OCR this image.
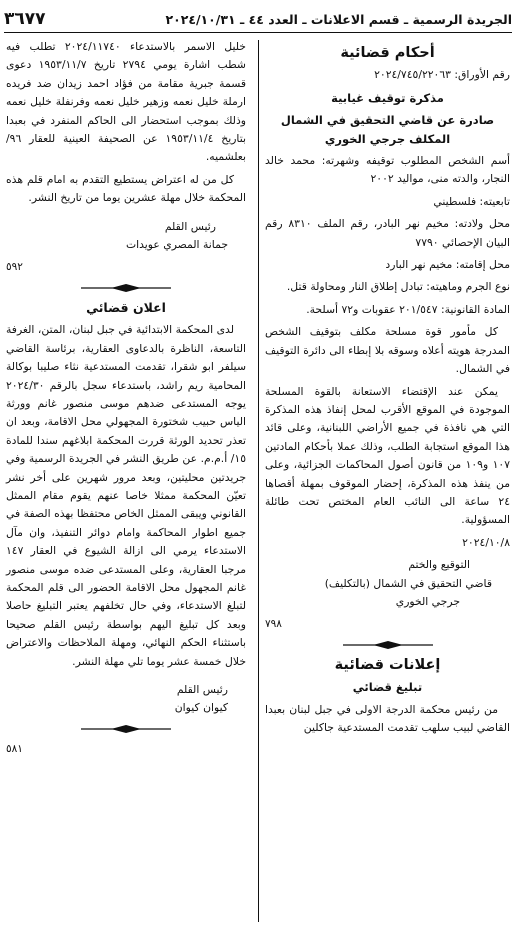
الجريدة الرسمية ـ قسم الاعلانات ـ العدد ٤٤ ـ ٢٠٢٤/١٠/٣١
٣٦٧٧
أحكام قضائية

رقم الأوراق: ٢٠٢٤/٧٤٥/٢٢٠٦٣

مذكرة توقيف غيابية
صادرة عن قاضي التحقيق في الشمال المكلف جرجي الخوري

أسم الشخص المطلوب توقيفه وشهرته: محمد خالد النجار، والدته منى، مواليد ٢٠٠٢

تابعيته: فلسطيني

محل ولادته: مخيم نهر البادر، رقم الملف ٨٣١٠ رقم البيان الإحصائي ٧٧٩٠

محل إقامته: مخيم نهر البارد

نوع الجرم وماهيته: تبادل إطلاق النار ومحاولة قتل.

المادة القانونية: ٢٠١/٥٤٧ عقوبات و٧٢ أسلحة.

كل مأمور قوة مسلحة مكلف بتوقيف الشخص المدرجة هويته أعلاه وسوقه بلا إبطاء الى دائرة التوقيف في الشمال.

يمكن عند الإقتضاء الاستعانة بالقوة المسلحة الموجودة في الموقع الأقرب لمحل إنفاذ هذه المذكرة التي هي نافذة في جميع الأراضي اللبنانية، وعلى قائد هذا الموقع استجابة الطلب، وذلك عملا بأحكام المادتين ١٠٧ و١٠٩ من قانون أصول المحاكمات الجزائية، وعلى من ينفذ هذه المذكرة، إحضار الموقوف بمهلة أقصاها ٢٤ ساعة الى النائب العام المختص تحت طائلة المسؤولية.

٢٠٢٤/١٠/٨

التوقيع والختم

قاضي التحقيق في الشمال (بالتكليف)

جرجي الخوري

٧٩٨
إعلانات قضائية
تبليغ قضائي

من رئيس محكمة الدرجة الاولى في جبل لبنان بعبدا القاضي لبيب سلهب تقدمت المستدعية جاكلين

خليل الاسمر بالاستدعاء ٢٠٢٤/١١٧٤٠ تطلب فيه شطب اشارة يومي ٢٧٩٤ تاريخ ١٩٥٣/١١/٧ دعوى قسمة جبرية مقامة من فؤاد احمد زيدان ضد فريده ارملة خليل نعمه وزهير خليل نعمه وفرنفلة خليل نعمه وذلك بموجب استحضار الى الحاكم المنفرد في بعبدا بتاريخ ١٩٥٣/١١/٤ عن الصحيفة العينية للعقار ٩٦/ بعلشميه.

كل من له اعتراض يستطيع التقدم به امام قلم هذه المحكمة خلال مهلة عشرين يوما من تاريخ النشر.

رئيس القلم

جمانة المصري عويدات

٥٩٢
اعلان قضائي

لدى المحكمة الابتدائية في جبل لبنان، المتن، الغرفة التاسعة، الناظرة بالدعاوى العقارية، برئاسة القاضي سيلفر ابو شقرا، تقدمت المستدعية نثاء صليبا بوكالة المحامية ريم راشد، باستدعاء سجل بالرقم ٢٠٢٤/٣٠ يوجه المستدعى ضدهم موسى منصور غانم وورثة الياس حبيب شختورة المجهولي محل الاقامة، وبعد ان تعذر تحديد الورثة قررت المحكمة ابلاغهم سندا للمادة ١٥/ أ.م.م. عن طريق النشر في الجريدة الرسمية وفي جريدتين محليتين، وبعد مرور شهرين على أخر نشر تعيّن المحكمة ممثلا خاصا عنهم يقوم مقام الممثل القانوني ويبقى الممثل الخاص محتفظا بهذه الصفة في جميع اطوار المحاكمة وامام دوائر التنفيذ، وان مآل الاستدعاء يرمي الى ازالة الشيوع في العقار ١٤٧ مرجبا العقارية، وعلى المستدعى ضده موسى منصور غانم المجهول محل الاقامة الحضور الى قلم المحكمة لتبلغ الاستدعاء، وفي حال تخلفهم يعتبر التبليغ حاصلا وبعد كل تبليغ اليهم بواسطة رئيس القلم صحيحا باستثناء الحكم النهائي، ومهلة الملاحظات والاعتراض خلال خمسة عشر يوما تلي مهلة النشر.

رئيس القلم

كيوان كيوان

٥٨١
